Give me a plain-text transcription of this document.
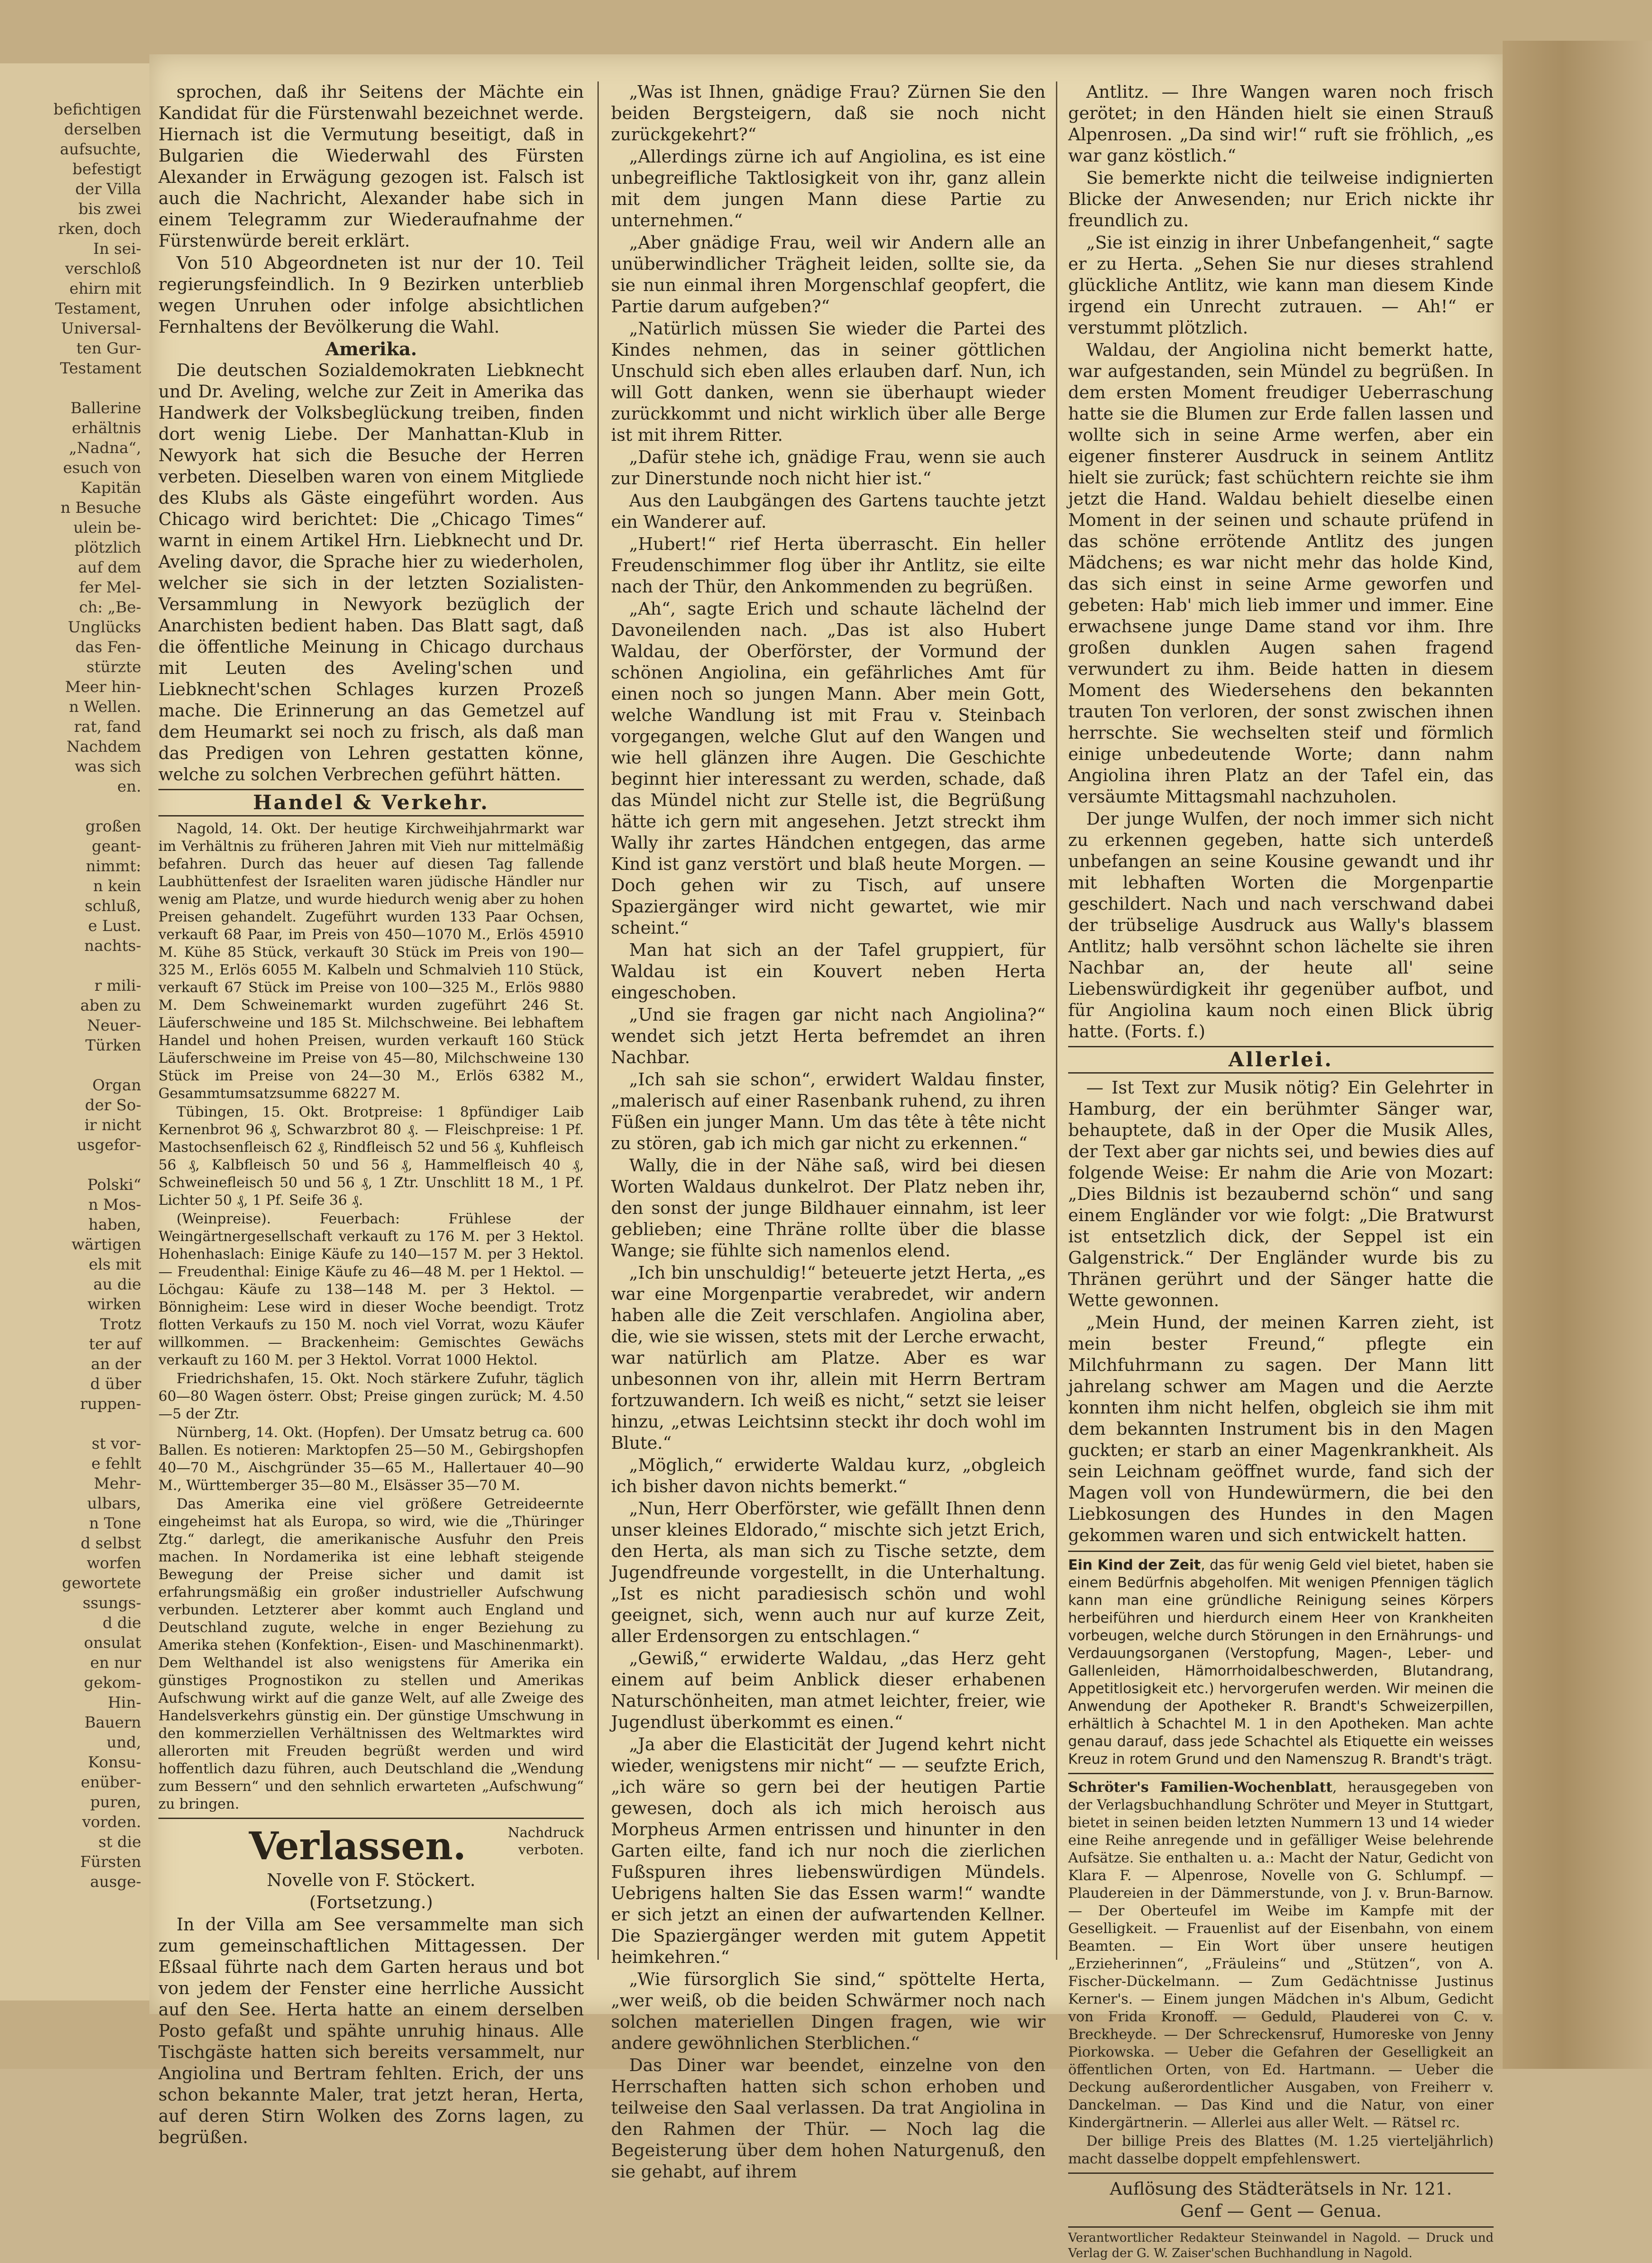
befichtigen
derselben
aufsuchte,
befestigt
der Villa
bis zwei
rken, doch
In sei-
verschloß
ehirn mit
Testament,
Universal-
ten Gur-
Testament
Ballerine
erhältnis
„Nadna“,
esuch von
Kapitän
n Besuche
ulein be-
plötzlich
auf dem
fer Mel-
ch: „Be-
Unglücks
das Fen-
stürzte
Meer hin-
n Wellen.
rat, fand
Nachdem
was sich
en.
großen
geant-
nimmt:
n kein
schluß,
e Lust.
nachts-
r mili-
aben zu
Neuer-
Türken
Organ
der So-
ir nicht
usgefor-
Polski“
n Mos-
haben,
wärtigen
els mit
au die
wirken
Trotz
ter auf
an der
d über
ruppen-
st vor-
e fehlt
Mehr-
ulbars,
n Tone
d selbst
worfen
gewortete
ssungs-
d die
onsulat
en nur
gekom-
Hin-
Bauern
und,
Konsu-
enüber-
puren,
vorden.
st die
Fürsten
ausge-

sprochen, daß ihr Seitens der Mächte ein Kandidat für die Fürstenwahl bezeichnet werde. Hiernach ist die Vermutung beseitigt, daß in Bulgarien die Wiederwahl des Fürsten Alexander in Erwägung gezogen ist. Falsch ist auch die Nachricht, Alexander habe sich in einem Telegramm zur Wiederaufnahme der Fürstenwürde bereit erklärt.

Von 510 Abgeordneten ist nur der 10. Teil regierungsfeindlich. In 9 Bezirken unterblieb wegen Unruhen oder infolge absichtlichen Fernhaltens der Bevölkerung die Wahl.

Amerika.

Die deutschen Sozialdemokraten Liebknecht und Dr. Aveling, welche zur Zeit in Amerika das Handwerk der Volksbeglückung treiben, finden dort wenig Liebe. Der Manhattan-Klub in Newyork hat sich die Besuche der Herren verbeten. Dieselben waren von einem Mitgliede des Klubs als Gäste eingeführt worden. Aus Chicago wird berichtet: Die „Chicago Times“ warnt in einem Artikel Hrn. Liebknecht und Dr. Aveling davor, die Sprache hier zu wiederholen, welcher sie sich in der letzten Sozialisten-Versammlung in Newyork bezüglich der Anarchisten bedient haben. Das Blatt sagt, daß die öffentliche Meinung in Chicago durchaus mit Leuten des Aveling'schen und Liebknecht'schen Schlages kurzen Prozeß mache. Die Erinnerung an das Gemetzel auf dem Heumarkt sei noch zu frisch, als daß man das Predigen von Lehren gestatten könne, welche zu solchen Verbrechen geführt hätten.

Handel & Verkehr.

Nagold, 14. Okt. Der heutige Kirchweihjahrmarkt war im Verhältnis zu früheren Jahren mit Vieh nur mittelmäßig befahren. Durch das heuer auf diesen Tag fallende Laubhüttenfest der Israeliten waren jüdische Händler nur wenig am Platze, und wurde hiedurch wenig aber zu hohen Preisen gehandelt. Zugeführt wurden 133 Paar Ochsen, verkauft 68 Paar, im Preis von 450—1070 M., Erlös 45910 M. Kühe 85 Stück, verkauft 30 Stück im Preis von 190—325 M., Erlös 6055 M. Kalbeln und Schmalvieh 110 Stück, verkauft 67 Stück im Preise von 100—325 M., Erlös 9880 M. Dem Schweinemarkt wurden zugeführt 246 St. Läuferschweine und 185 St. Milchschweine. Bei lebhaftem Handel und hohen Preisen, wurden verkauft 160 Stück Läuferschweine im Preise von 45—80, Milchschweine 130 Stück im Preise von 24—30 M., Erlös 6382 M., Gesammtumsatzsumme 68227 M.

Tübingen, 15. Okt. Brotpreise: 1 8pfündiger Laib Kernenbrot 96 ₰, Schwarzbrot 80 ₰. — Fleischpreise: 1 Pf. Mastochsenfleisch 62 ₰, Rindfleisch 52 und 56 ₰, Kuhfleisch 56 ₰, Kalbfleisch 50 und 56 ₰, Hammelfleisch 40 ₰, Schweinefleisch 50 und 56 ₰, 1 Ztr. Unschlitt 18 M., 1 Pf. Lichter 50 ₰, 1 Pf. Seife 36 ₰.

(Weinpreise). Feuerbach: Frühlese der Weingärtnergesellschaft verkauft zu 176 M. per 3 Hektol. Hohenhaslach: Einige Käufe zu 140—157 M. per 3 Hektol. — Freudenthal: Einige Käufe zu 46—48 M. per 1 Hektol. — Löchgau: Käufe zu 138—148 M. per 3 Hektol. — Bönnigheim: Lese wird in dieser Woche beendigt. Trotz flotten Verkaufs zu 150 M. noch viel Vorrat, wozu Käufer willkommen. — Brackenheim: Gemischtes Gewächs verkauft zu 160 M. per 3 Hektol. Vorrat 1000 Hektol.

Friedrichshafen, 15. Okt. Noch stärkere Zufuhr, täglich 60—80 Wagen österr. Obst; Preise gingen zurück; M. 4.50—5 der Ztr.

Nürnberg, 14. Okt. (Hopfen). Der Umsatz betrug ca. 600 Ballen. Es notieren: Marktopfen 25—50 M., Gebirgshopfen 40—70 M., Aischgründer 35—65 M., Hallertauer 40—90 M., Württemberger 35—80 M., Elsässer 35—70 M.

Das Amerika eine viel größere Getreideernte eingeheimst hat als Europa, so wird, wie die „Thüringer Ztg.“ darlegt, die amerikanische Ausfuhr den Preis machen. In Nordamerika ist eine lebhaft steigende Bewegung der Preise sicher und damit ist erfahrungsmäßig ein großer industrieller Aufschwung verbunden. Letzterer aber kommt auch England und Deutschland zugute, welche in enger Beziehung zu Amerika stehen (Konfektion-, Eisen- und Maschinenmarkt). Dem Welthandel ist also wenigstens für Amerika ein günstiges Prognostikon zu stellen und Amerikas Aufschwung wirkt auf die ganze Welt, auf alle Zweige des Handelsverkehrs günstig ein. Der günstige Umschwung in den kommerziellen Verhältnissen des Weltmarktes wird allerorten mit Freuden begrüßt werden und wird hoffentlich dazu führen, auch Deutschland die „Wendung zum Bessern“ und den sehnlich erwarteten „Aufschwung“ zu bringen.

Verlassen.	Nachdruck verboten.

Novelle von F. Stöckert.

(Fortsetzung.)

In der Villa am See versammelte man sich zum gemeinschaftlichen Mittagessen. Der Eßsaal führte nach dem Garten heraus und bot von jedem der Fenster eine herrliche Aussicht auf den See. Herta hatte an einem derselben Posto gefaßt und spähte unruhig hinaus. Alle Tischgäste hatten sich bereits versammelt, nur Angiolina und Bertram fehlten. Erich, der uns schon bekannte Maler, trat jetzt heran, Herta, auf deren Stirn Wolken des Zorns lagen, zu begrüßen.

„Was ist Ihnen, gnädige Frau? Zürnen Sie den beiden Bergsteigern, daß sie noch nicht zurückgekehrt?“

„Allerdings zürne ich auf Angiolina, es ist eine unbegreifliche Taktlosigkeit von ihr, ganz allein mit dem jungen Mann diese Partie zu unternehmen.“

„Aber gnädige Frau, weil wir Andern alle an unüberwindlicher Trägheit leiden, sollte sie, da sie nun einmal ihren Morgenschlaf geopfert, die Partie darum aufgeben?“

„Natürlich müssen Sie wieder die Partei des Kindes nehmen, das in seiner göttlichen Unschuld sich eben alles erlauben darf. Nun, ich will Gott danken, wenn sie überhaupt wieder zurückkommt und nicht wirklich über alle Berge ist mit ihrem Ritter.

„Dafür stehe ich, gnädige Frau, wenn sie auch zur Dinerstunde noch nicht hier ist.“

Aus den Laubgängen des Gartens tauchte jetzt ein Wanderer auf.

„Hubert!“ rief Herta überrascht. Ein heller Freudenschimmer flog über ihr Antlitz, sie eilte nach der Thür, den Ankommenden zu begrüßen.

„Ah“, sagte Erich und schaute lächelnd der Davoneilenden nach. „Das ist also Hubert Waldau, der Oberförster, der Vormund der schönen Angiolina, ein gefährliches Amt für einen noch so jungen Mann. Aber mein Gott, welche Wandlung ist mit Frau v. Steinbach vorgegangen, welche Glut auf den Wangen und wie hell glänzen ihre Augen. Die Geschichte beginnt hier interessant zu werden, schade, daß das Mündel nicht zur Stelle ist, die Begrüßung hätte ich gern mit angesehen. Jetzt streckt ihm Wally ihr zartes Händchen entgegen, das arme Kind ist ganz verstört und blaß heute Morgen. — Doch gehen wir zu Tisch, auf unsere Spaziergänger wird nicht gewartet, wie mir scheint.“

Man hat sich an der Tafel gruppiert, für Waldau ist ein Kouvert neben Herta eingeschoben.

„Und sie fragen gar nicht nach Angiolina?“ wendet sich jetzt Herta befremdet an ihren Nachbar.

„Ich sah sie schon“, erwidert Waldau finster, „malerisch auf einer Rasenbank ruhend, zu ihren Füßen ein junger Mann. Um das tête à tête nicht zu stören, gab ich mich gar nicht zu erkennen.“

Wally, die in der Nähe saß, wird bei diesen Worten Waldaus dunkelrot. Der Platz neben ihr, den sonst der junge Bildhauer einnahm, ist leer geblieben; eine Thräne rollte über die blasse Wange; sie fühlte sich namenlos elend.

„Ich bin unschuldig!“ beteuerte jetzt Herta, „es war eine Morgenpartie verabredet, wir andern haben alle die Zeit verschlafen. Angiolina aber, die, wie sie wissen, stets mit der Lerche erwacht, war natürlich am Platze. Aber es war unbesonnen von ihr, allein mit Herrn Bertram fortzuwandern. Ich weiß es nicht,“ setzt sie leiser hinzu, „etwas Leichtsinn steckt ihr doch wohl im Blute.“

„Möglich,“ erwiderte Waldau kurz, „obgleich ich bisher davon nichts bemerkt.“

„Nun, Herr Oberförster, wie gefällt Ihnen denn unser kleines Eldorado,“ mischte sich jetzt Erich, den Herta, als man sich zu Tische setzte, dem Jugendfreunde vorgestellt, in die Unterhaltung. „Ist es nicht paradiesisch schön und wohl geeignet, sich, wenn auch nur auf kurze Zeit, aller Erdensorgen zu entschlagen.“

„Gewiß,“ erwiderte Waldau, „das Herz geht einem auf beim Anblick dieser erhabenen Naturschönheiten, man atmet leichter, freier, wie Jugendlust überkommt es einen.“

„Ja aber die Elasticität der Jugend kehrt nicht wieder, wenigstens mir nicht“ — — seufzte Erich, „ich wäre so gern bei der heutigen Partie gewesen, doch als ich mich heroisch aus Morpheus Armen entrissen und hinunter in den Garten eilte, fand ich nur noch die zierlichen Fußspuren ihres liebenswürdigen Mündels. Uebrigens halten Sie das Essen warm!“ wandte er sich jetzt an einen der aufwartenden Kellner. Die Spaziergänger werden mit gutem Appetit heimkehren.“

„Wie fürsorglich Sie sind,“ spöttelte Herta, „wer weiß, ob die beiden Schwärmer noch nach solchen materiellen Dingen fragen, wie wir andere gewöhnlichen Sterblichen.“

Das Diner war beendet, einzelne von den Herrschaften hatten sich schon erhoben und teilweise den Saal verlassen. Da trat Angiolina in den Rahmen der Thür. — Noch lag die Begeisterung über dem hohen Naturgenuß, den sie gehabt, auf ihrem

Antlitz. — Ihre Wangen waren noch frisch gerötet; in den Händen hielt sie einen Strauß Alpenrosen. „Da sind wir!“ ruft sie fröhlich, „es war ganz köstlich.“

Sie bemerkte nicht die teilweise indignierten Blicke der Anwesenden; nur Erich nickte ihr freundlich zu.

„Sie ist einzig in ihrer Unbefangenheit,“ sagte er zu Herta. „Sehen Sie nur dieses strahlend glückliche Antlitz, wie kann man diesem Kinde irgend ein Unrecht zutrauen. — Ah!“ er verstummt plötzlich.

Waldau, der Angiolina nicht bemerkt hatte, war aufgestanden, sein Mündel zu begrüßen. In dem ersten Moment freudiger Ueberraschung hatte sie die Blumen zur Erde fallen lassen und wollte sich in seine Arme werfen, aber ein eigener finsterer Ausdruck in seinem Antlitz hielt sie zurück; fast schüchtern reichte sie ihm jetzt die Hand. Waldau behielt dieselbe einen Moment in der seinen und schaute prüfend in das schöne errötende Antlitz des jungen Mädchens; es war nicht mehr das holde Kind, das sich einst in seine Arme geworfen und gebeten: Hab' mich lieb immer und immer. Eine erwachsene junge Dame stand vor ihm. Ihre großen dunklen Augen sahen fragend verwundert zu ihm. Beide hatten in diesem Moment des Wiedersehens den bekannten trauten Ton verloren, der sonst zwischen ihnen herrschte. Sie wechselten steif und förmlich einige unbedeutende Worte; dann nahm Angiolina ihren Platz an der Tafel ein, das versäumte Mittagsmahl nachzuholen.

Der junge Wulfen, der noch immer sich nicht zu erkennen gegeben, hatte sich unterdeß unbefangen an seine Kousine gewandt und ihr mit lebhaften Worten die Morgenpartie geschildert. Nach und nach verschwand dabei der trübselige Ausdruck aus Wally's blassem Antlitz; halb versöhnt schon lächelte sie ihren Nachbar an, der heute all' seine Liebenswürdigkeit ihr gegenüber aufbot, und für Angiolina kaum noch einen Blick übrig hatte. (Forts. f.)

Allerlei.

— Ist Text zur Musik nötig? Ein Gelehrter in Hamburg, der ein berühmter Sänger war, behauptete, daß in der Oper die Musik Alles, der Text aber gar nichts sei, und bewies dies auf folgende Weise: Er nahm die Arie von Mozart: „Dies Bildnis ist bezaubernd schön“ und sang einem Engländer vor wie folgt: „Die Bratwurst ist entsetzlich dick, der Seppel ist ein Galgenstrick.“ Der Engländer wurde bis zu Thränen gerührt und der Sänger hatte die Wette gewonnen.

„Mein Hund, der meinen Karren zieht, ist mein bester Freund,“ pflegte ein Milchfuhrmann zu sagen. Der Mann litt jahrelang schwer am Magen und die Aerzte konnten ihm nicht helfen, obgleich sie ihm mit dem bekannten Instrument bis in den Magen guckten; er starb an einer Magenkrankheit. Als sein Leichnam geöffnet wurde, fand sich der Magen voll von Hundewürmern, die bei den Liebkosungen des Hundes in den Magen gekommen waren und sich entwickelt hatten.

Ein Kind der Zeit, das für wenig Geld viel bietet, haben sie einem Bedürfnis abgeholfen. Mit wenigen Pfennigen täglich kann man eine gründliche Reinigung seines Körpers herbeiführen und hierdurch einem Heer von Krankheiten vorbeugen, welche durch Störungen in den Ernährungs- und Verdauungsorganen (Verstopfung, Magen-, Leber- und Gallenleiden, Hämorrhoidalbeschwerden, Blutandrang, Appetitlosigkeit etc.) hervorgerufen werden. Wir meinen die Anwendung der Apotheker R. Brandt's Schweizerpillen, erhältlich à Schachtel M. 1 in den Apotheken. Man achte genau darauf, dass jede Schachtel als Etiquette ein weisses Kreuz in rotem Grund und den Namenszug R. Brandt's trägt.

Schröter's Familien-Wochenblatt, herausgegeben von der Verlagsbuchhandlung Schröter und Meyer in Stuttgart, bietet in seinen beiden letzten Nummern 13 und 14 wieder eine Reihe anregende und in gefälliger Weise belehrende Aufsätze. Sie enthalten u. a.: Macht der Natur, Gedicht von Klara F. — Alpenrose, Novelle von G. Schlumpf. — Plaudereien in der Dämmerstunde, von J. v. Brun-Barnow. — Der Oberteufel im Weibe im Kampfe mit der Geselligkeit. — Frauenlist auf der Eisenbahn, von einem Beamten. — Ein Wort über unsere heutigen „Erzieherinnen“, „Fräuleins“ und „Stützen“, von A. Fischer-Dückelmann. — Zum Gedächtnisse Justinus Kerner's. — Einem jungen Mädchen in's Album, Gedicht von Frida Kronoff. — Geduld, Plauderei von C. v. Breckheyde. — Der Schreckensruf, Humoreske von Jenny Piorkowska. — Ueber die Gefahren der Geselligkeit an öffentlichen Orten, von Ed. Hartmann. — Ueber die Deckung außerordentlicher Ausgaben, von Freiherr v. Danckelman. — Das Kind und die Natur, von einer Kindergärtnerin. — Allerlei aus aller Welt. — Rätsel rc.

Der billige Preis des Blattes (M. 1.25 vierteljährlich) macht dasselbe doppelt empfehlenswert.

Auflösung des Städterätsels in Nr. 121.

Genf — Gent — Genua.

Verantwortlicher Redakteur Steinwandel in Nagold. — Druck und Verlag der G. W. Zaiser'schen Buchhandlung in Nagold.
